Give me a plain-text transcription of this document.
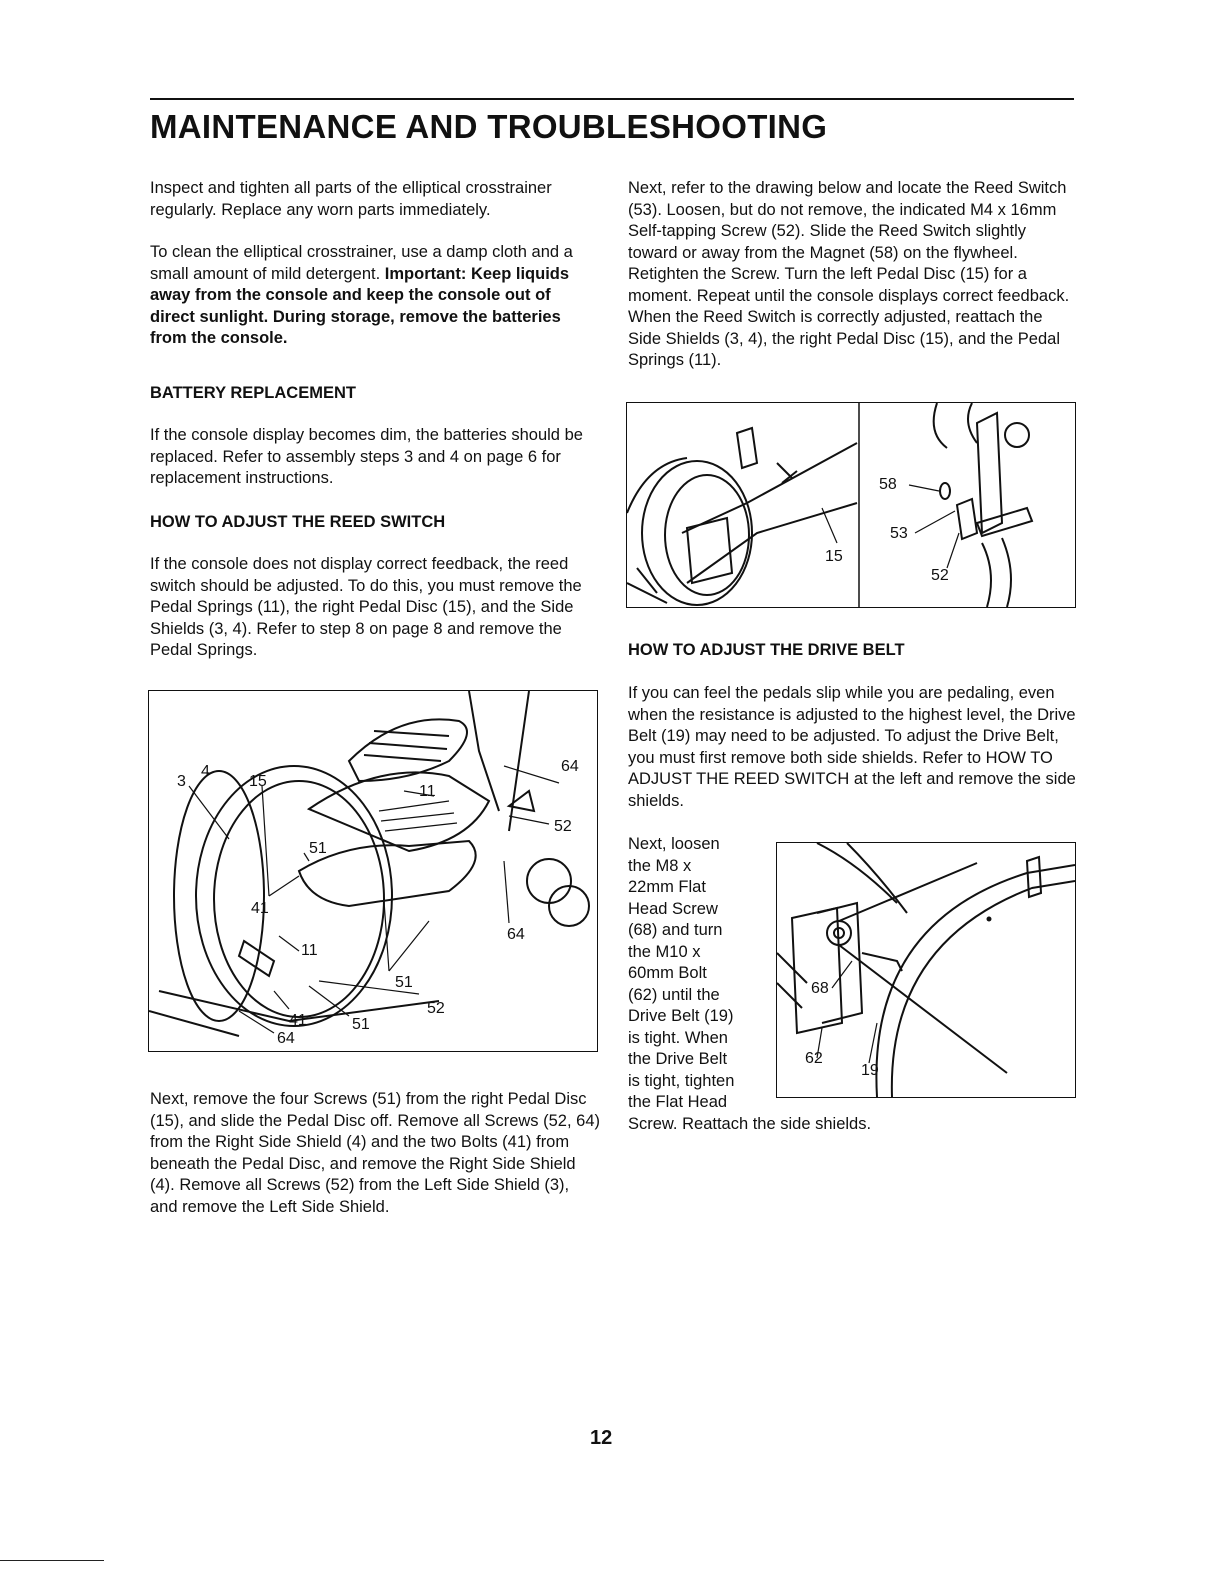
MAINTENANCE AND TROUBLESHOOTING

Inspect and tighten all parts of the elliptical crosstrainer regularly. Replace any worn parts immediately.

To clean the elliptical crosstrainer, use a damp cloth and a small amount of mild detergent. Important: Keep liquids away from the console and keep the console out of direct sunlight. During storage, remove the batteries from the console.

BATTERY REPLACEMENT

If the console display becomes dim, the batteries should be replaced. Refer to assembly steps 3 and 4 on page 6 for replacement instructions.

HOW TO ADJUST THE REED SWITCH

If the console does not display correct feedback, the reed switch should be adjusted. To do this, you must remove the Pedal Springs (11), the right Pedal Disc (15), and the Side Shields (3, 4). Refer to step 8 on page 8 and remove the Pedal Springs.

3
4
15
11
64
52
51
41
11
64
51
52
41	51
64

Next, remove the four Screws (51) from the right Pedal Disc (15), and slide the Pedal Disc off. Remove all Screws (52, 64) from the Right Side Shield (4) and the two Bolts (41) from beneath the Pedal Disc, and remove the Right Side Shield (4). Remove all Screws (52) from the Left Side Shield (3), and remove the Left Side Shield.

Next, refer to the drawing below and locate the Reed Switch (53). Loosen, but do not remove, the indicated M4 x 16mm Self-tapping Screw (52). Slide the Reed Switch slightly toward or away from the Magnet (58) on the flywheel. Retighten the Screw. Turn the left Pedal Disc (15) for a moment. Repeat until the console displays correct feedback. When the Reed Switch is correctly adjusted, reattach the Side Shields (3, 4), the right Pedal Disc (15), and the Pedal Springs (11).

15
58
53
52
HOW TO ADJUST THE DRIVE BELT

If you can feel the pedals slip while you are pedaling, even when the resistance is adjusted to the highest level, the Drive Belt (19) may need to be adjusted. To adjust the Drive Belt, you must first remove both side shields. Refer to HOW TO ADJUST THE REED SWITCH at the left and remove the side shields.

Next, loosen
the M8 x
22mm Flat
Head Screw
(68) and turn
the M10 x
60mm Bolt
(62) until the
Drive Belt (19)
is tight. When
the Drive Belt
is tight, tighten
the Flat Head
Screw. Reattach the side shields.
68
62
19
12
